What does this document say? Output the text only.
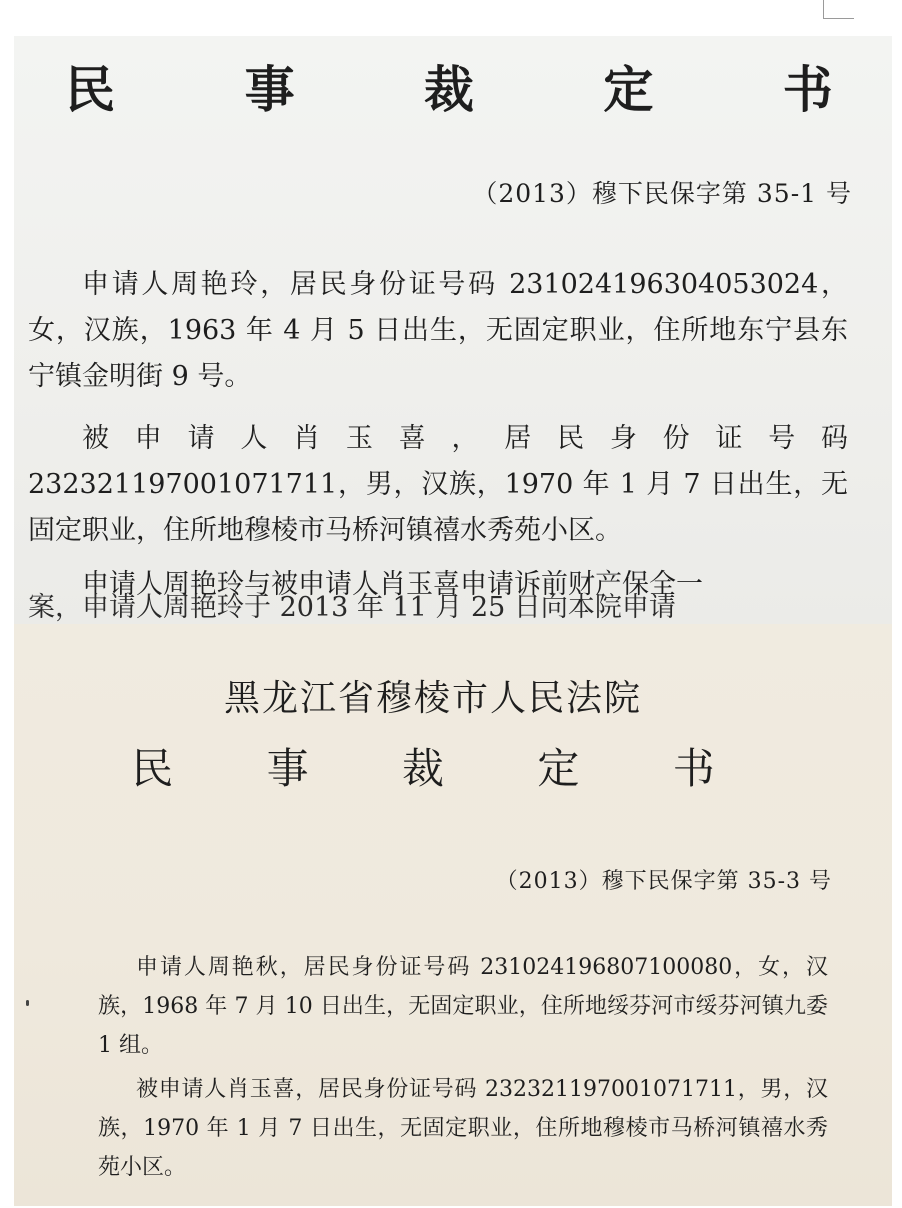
民 事 裁 定 书
（2013）穆下民保字第 35-1 号

申请人周艳玲，居民身份证号码 231024196304053024，女，汉族，1963 年 4 月 5 日出生，无固定职业，住所地东宁县东宁镇金明街 9 号。

被 申 请 人 肖 玉 喜 ， 居 民 身 份 证 号 码 232321197001071711，男，汉族，1970 年 1 月 7 日出生，无固定职业，住所地穆棱市马桥河镇禧水秀苑小区。

申请人周艳玲与被申请人肖玉喜申请诉前财产保全一

案，申请人周艳玲于 2013 年 11 月 25 日向本院申请
黑龙江省穆棱市人民法院
民 事 裁 定 书
（2013）穆下民保字第 35-3 号

申请人周艳秋，居民身份证号码 231024196807100080，女，汉族，1968 年 7 月 10 日出生，无固定职业，住所地绥芬河市绥芬河镇九委 1 组。

被申请人肖玉喜，居民身份证号码 232321197001071711，男，汉族，1970 年 1 月 7 日出生，无固定职业，住所地穆棱市马桥河镇禧水秀苑小区。
